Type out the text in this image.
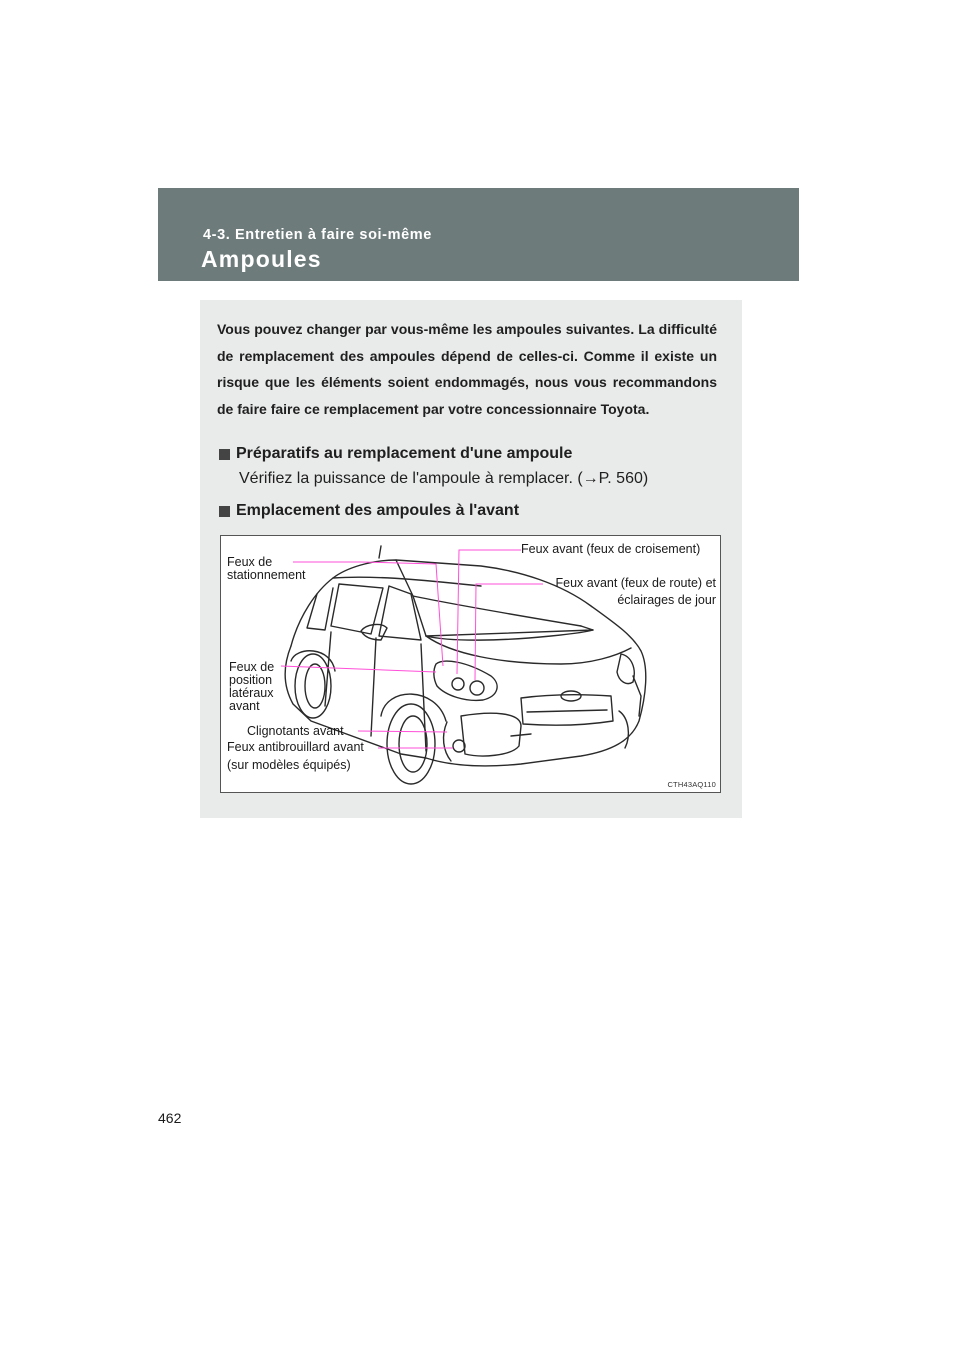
4-3. Entretien à faire soi-même
Ampoules
Vous pouvez changer par vous-même les ampoules suivantes. La difficulté de remplacement des ampoules dépend de celles-ci. Comme il existe un risque que les éléments soient endommagés, nous vous recommandons de faire faire ce remplacement par votre concessionnaire Toyota.
Préparatifs au remplacement d'une ampoule
Vérifiez la puissance de l'ampoule à remplacer. (→P. 560)
Emplacement des ampoules à l'avant
Feux de
stationnement
Feux avant (feux de croisement)
Feux avant (feux de route) et
éclairages de jour
Feux de
position
latéraux
avant
Clignotants avant
Feux antibrouillard avant
(sur modèles équipés)
CTH43AQ110
462
